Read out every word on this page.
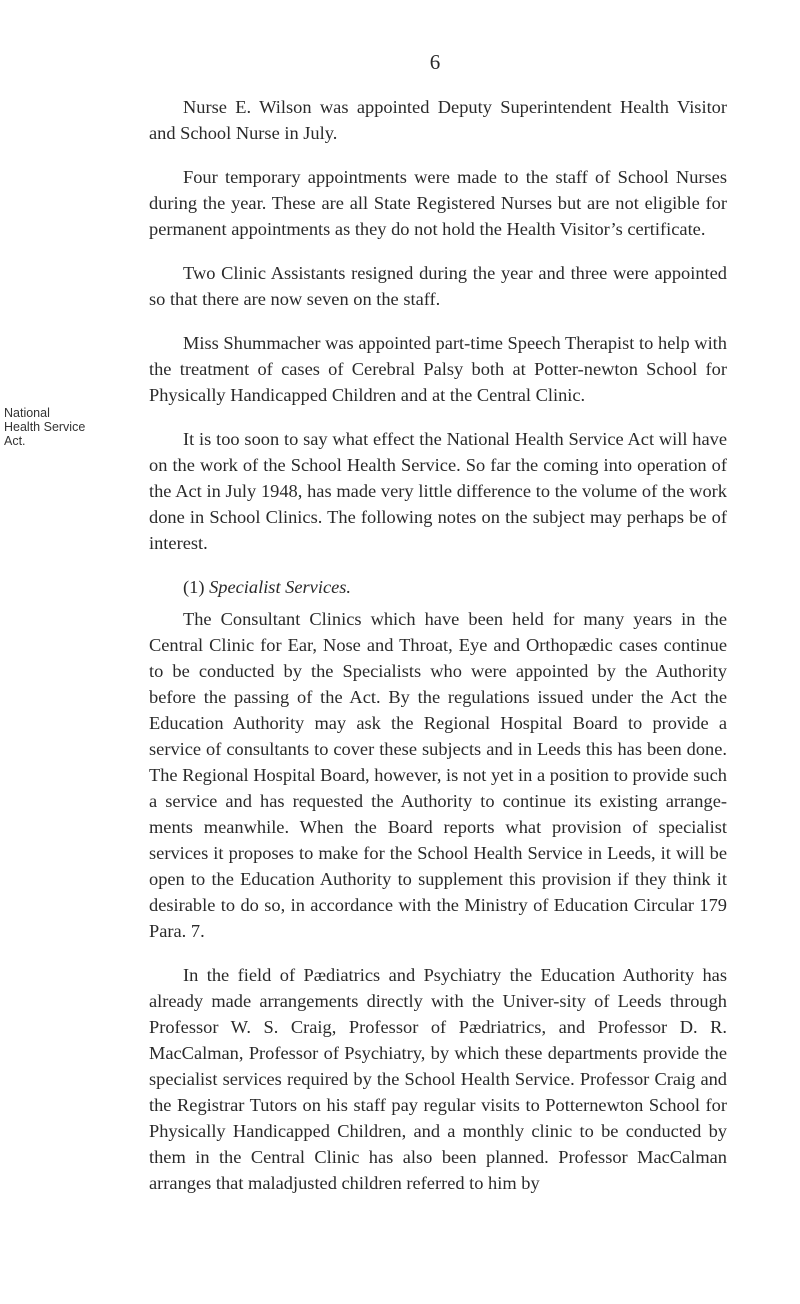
6
National
Health Service
Act.

Nurse E. Wilson was appointed Deputy Superintendent Health Visitor and School Nurse in July.

Four temporary appointments were made to the staff of School Nurses during the year. These are all State Registered Nurses but are not eligible for permanent appointments as they do not hold the Health Visitor’s certificate.

Two Clinic Assistants resigned during the year and three were appointed so that there are now seven on the staff.

Miss Shummacher was appointed part-time Speech Therapist to help with the treatment of cases of Cerebral Palsy both at Potter-newton School for Physically Handicapped Children and at the Central Clinic.

It is too soon to say what effect the National Health Service Act will have on the work of the School Health Service. So far the coming into operation of the Act in July 1948, has made very little difference to the volume of the work done in School Clinics. The following notes on the subject may perhaps be of interest.

(1) Specialist Services.

The Consultant Clinics which have been held for many years in the Central Clinic for Ear, Nose and Throat, Eye and Orthopædic cases continue to be conducted by the Specialists who were appointed by the Authority before the passing of the Act. By the regulations issued under the Act the Education Authority may ask the Regional Hospital Board to provide a service of consultants to cover these subjects and in Leeds this has been done. The Regional Hospital Board, however, is not yet in a position to provide such a service and has requested the Authority to continue its existing arrange-ments meanwhile. When the Board reports what provision of specialist services it proposes to make for the School Health Service in Leeds, it will be open to the Education Authority to supplement this provision if they think it desirable to do so, in accordance with the Ministry of Education Circular 179 Para. 7.

In the field of Pædiatrics and Psychiatry the Education Authority has already made arrangements directly with the Univer-sity of Leeds through Professor W. S. Craig, Professor of Pædriatrics, and Professor D. R. MacCalman, Professor of Psychiatry, by which these departments provide the specialist services required by the School Health Service. Professor Craig and the Registrar Tutors on his staff pay regular visits to Potternewton School for Physically Handicapped Children, and a monthly clinic to be conducted by them in the Central Clinic has also been planned. Professor MacCalman arranges that maladjusted children referred to him by
